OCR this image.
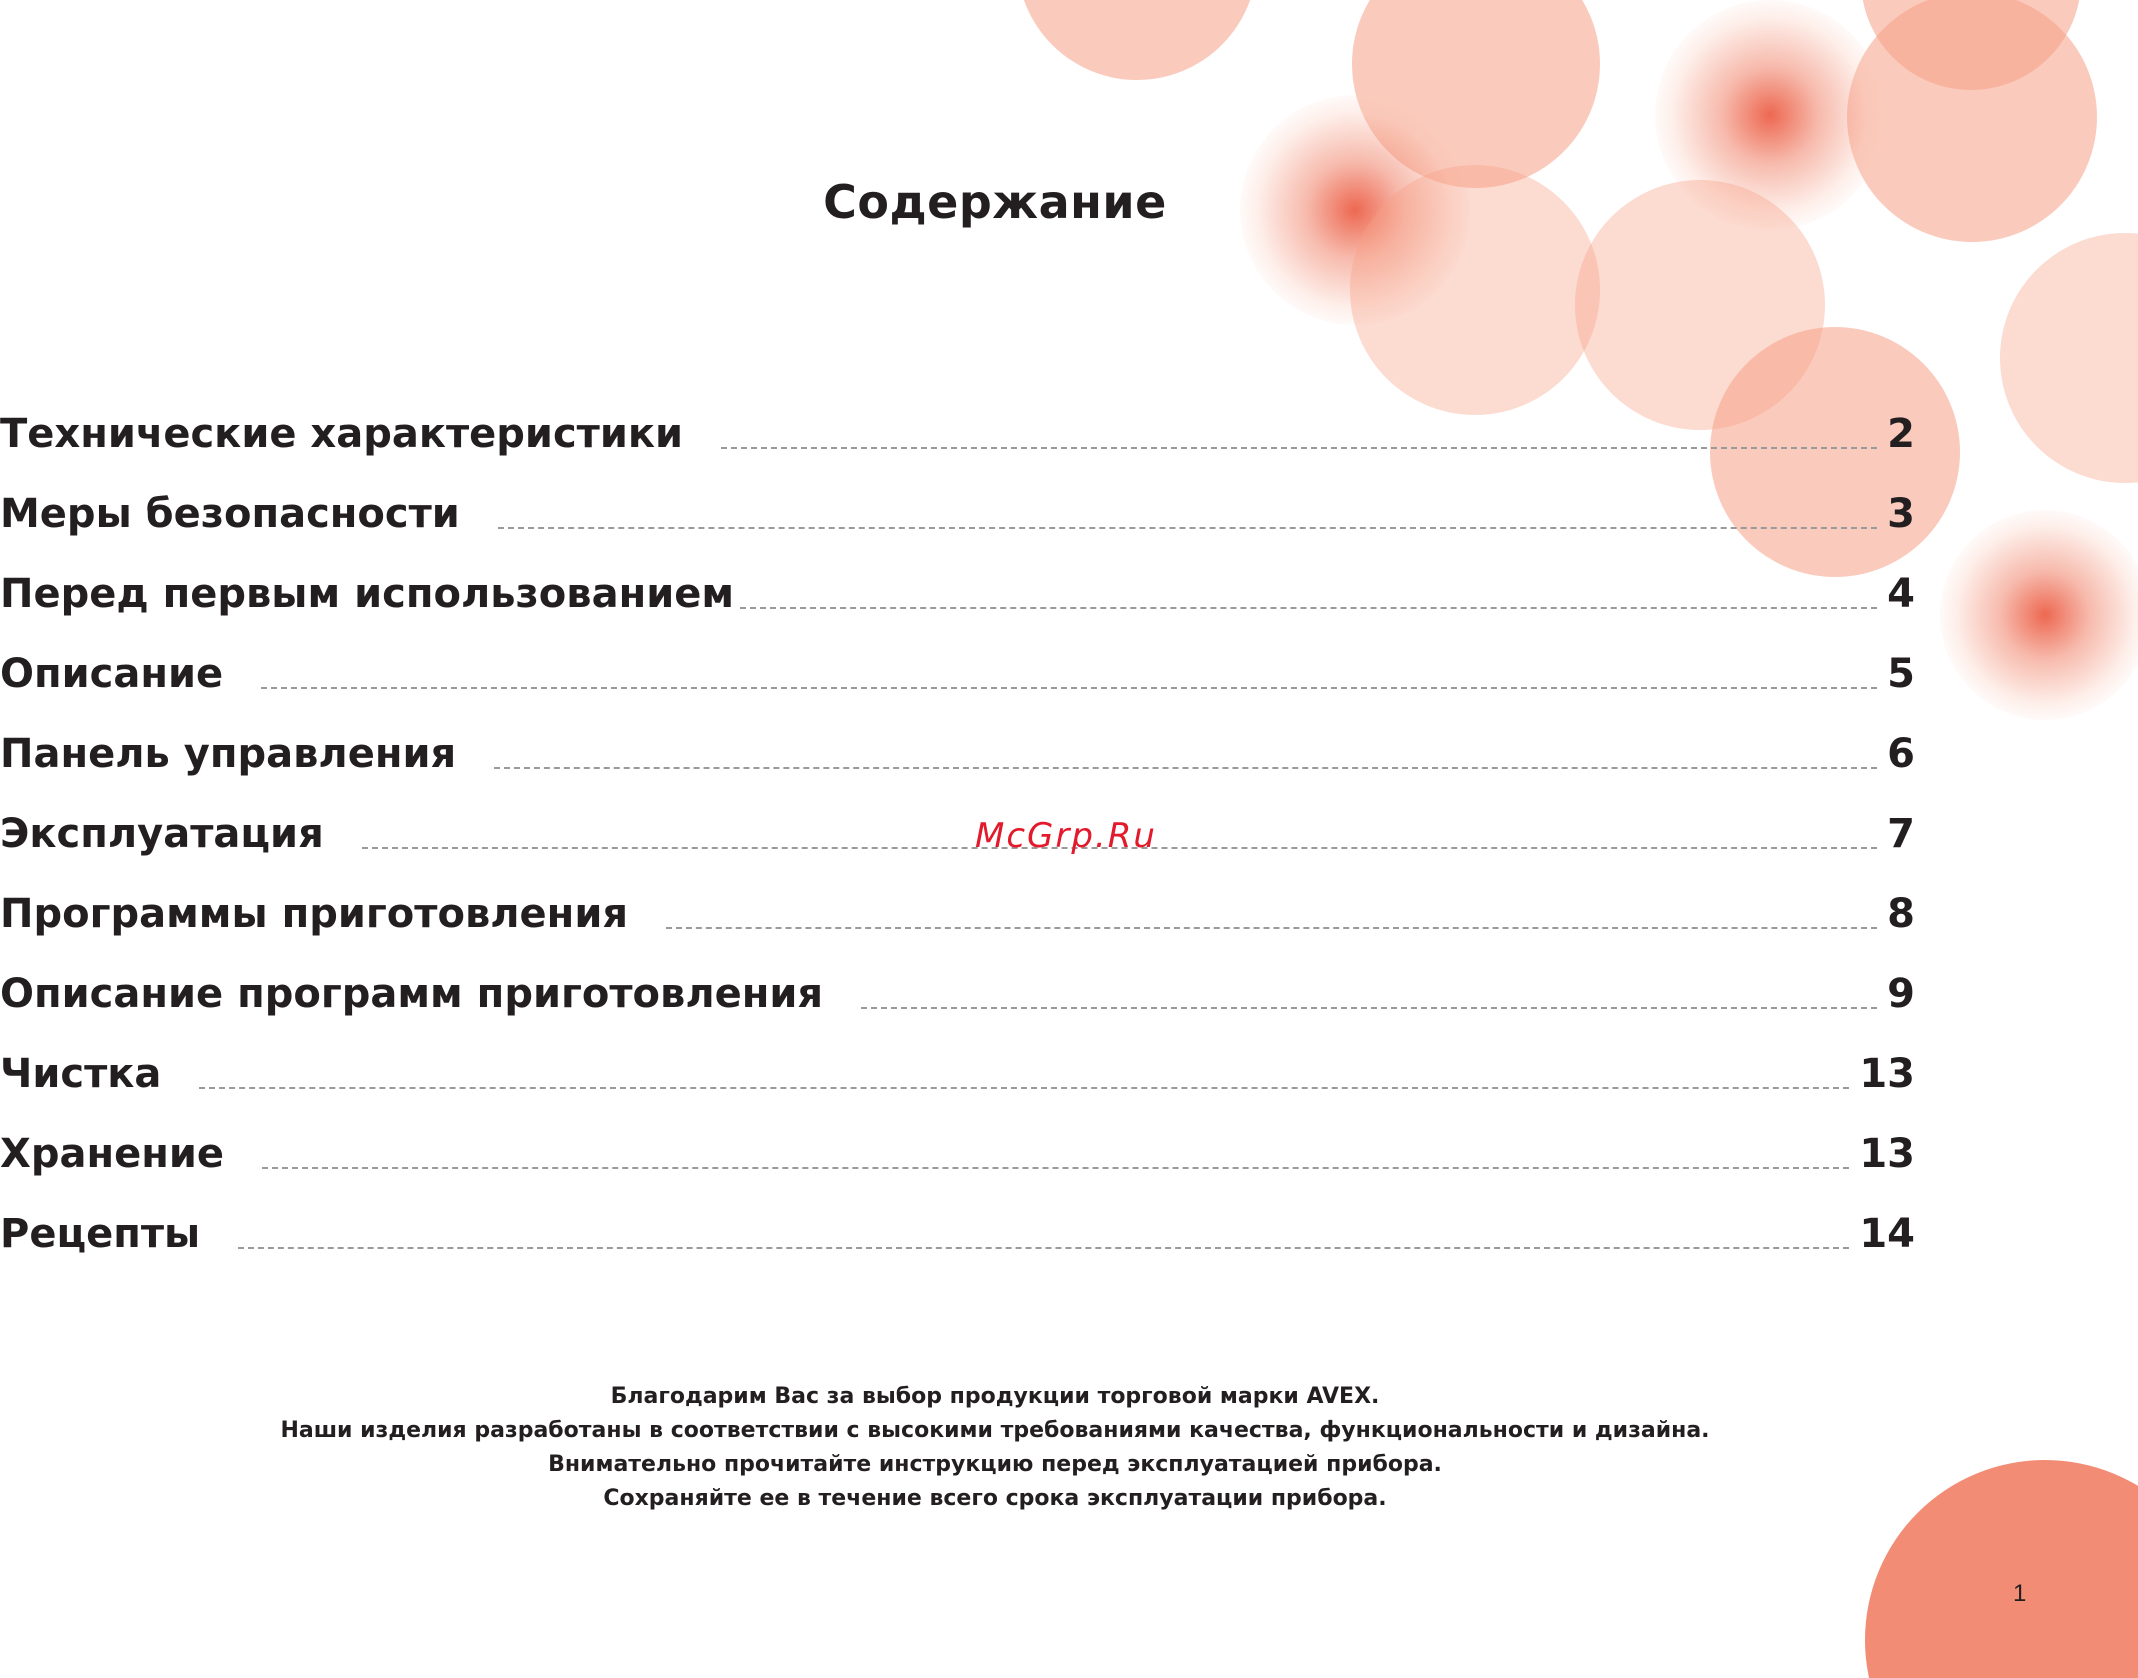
Содержание
Технические характеристики	2
Меры безопасности	3
Перед первым использованием	4
Описание	5
Панель управления	6
Эксплуатация	7
Программы приготовления	8
Описание программ приготовления	9
Чистка	13
Хранение	13
Рецепты	14
McGrp.Ru
Благодарим Вас за выбор продукции торговой марки AVEX.
Наши изделия разработаны в соответствии с высокими требованиями качества, функциональности и дизайна.
Внимательно прочитайте инструкцию перед эксплуатацией прибора.
Сохраняйте ее в течение всего срока эксплуатации прибора.
1
